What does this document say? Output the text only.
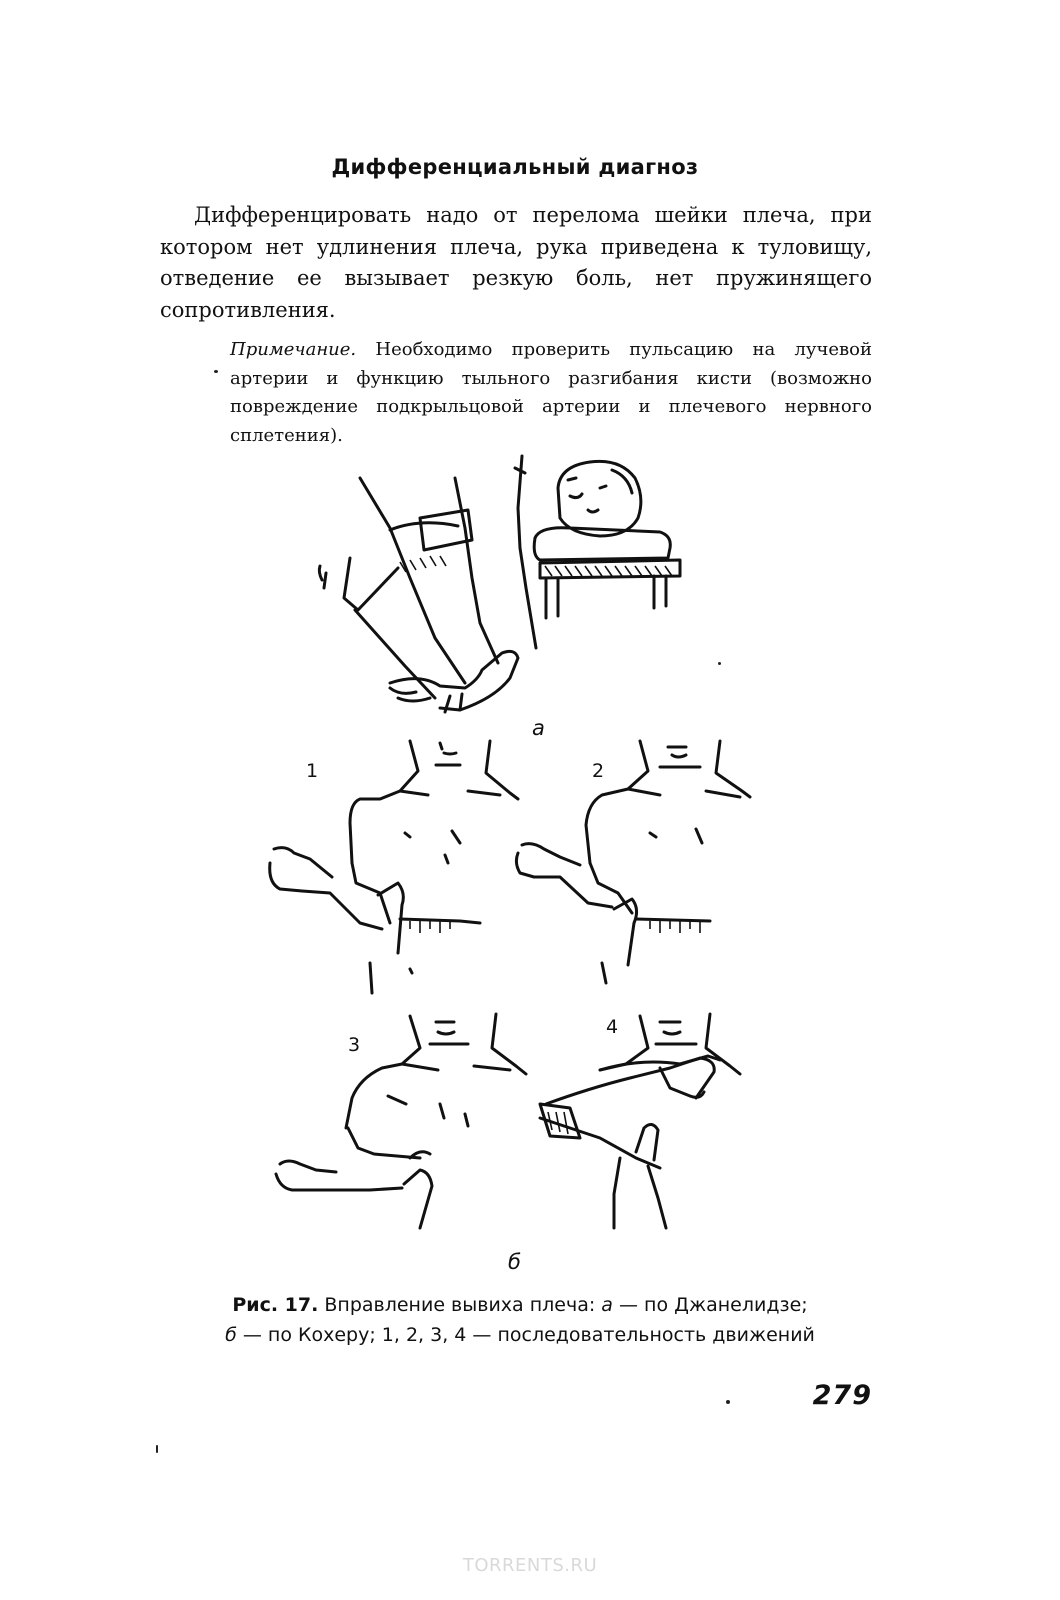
Дифференциальный диагноз

Дифференцировать надо от перелома шейки плеча, при котором нет удлинения плеча, рука приведена к туловищу, отведение ее вызывает резкую боль, нет пружинящего сопротивления.

Примечание. Необходимо проверить пульсацию на лучевой артерии и функцию тыльного разгибания кисти (возможно повреждение подкрыльцовой артерии и плечевого нервного сплетения).

а
1	2
3
4
б

Рис. 17. Вправление вывиха плеча: а — по Джанелидзе;
б — по Кохеру; 1, 2, 3, 4 — последовательность движений

279
TORRENTS.RU
